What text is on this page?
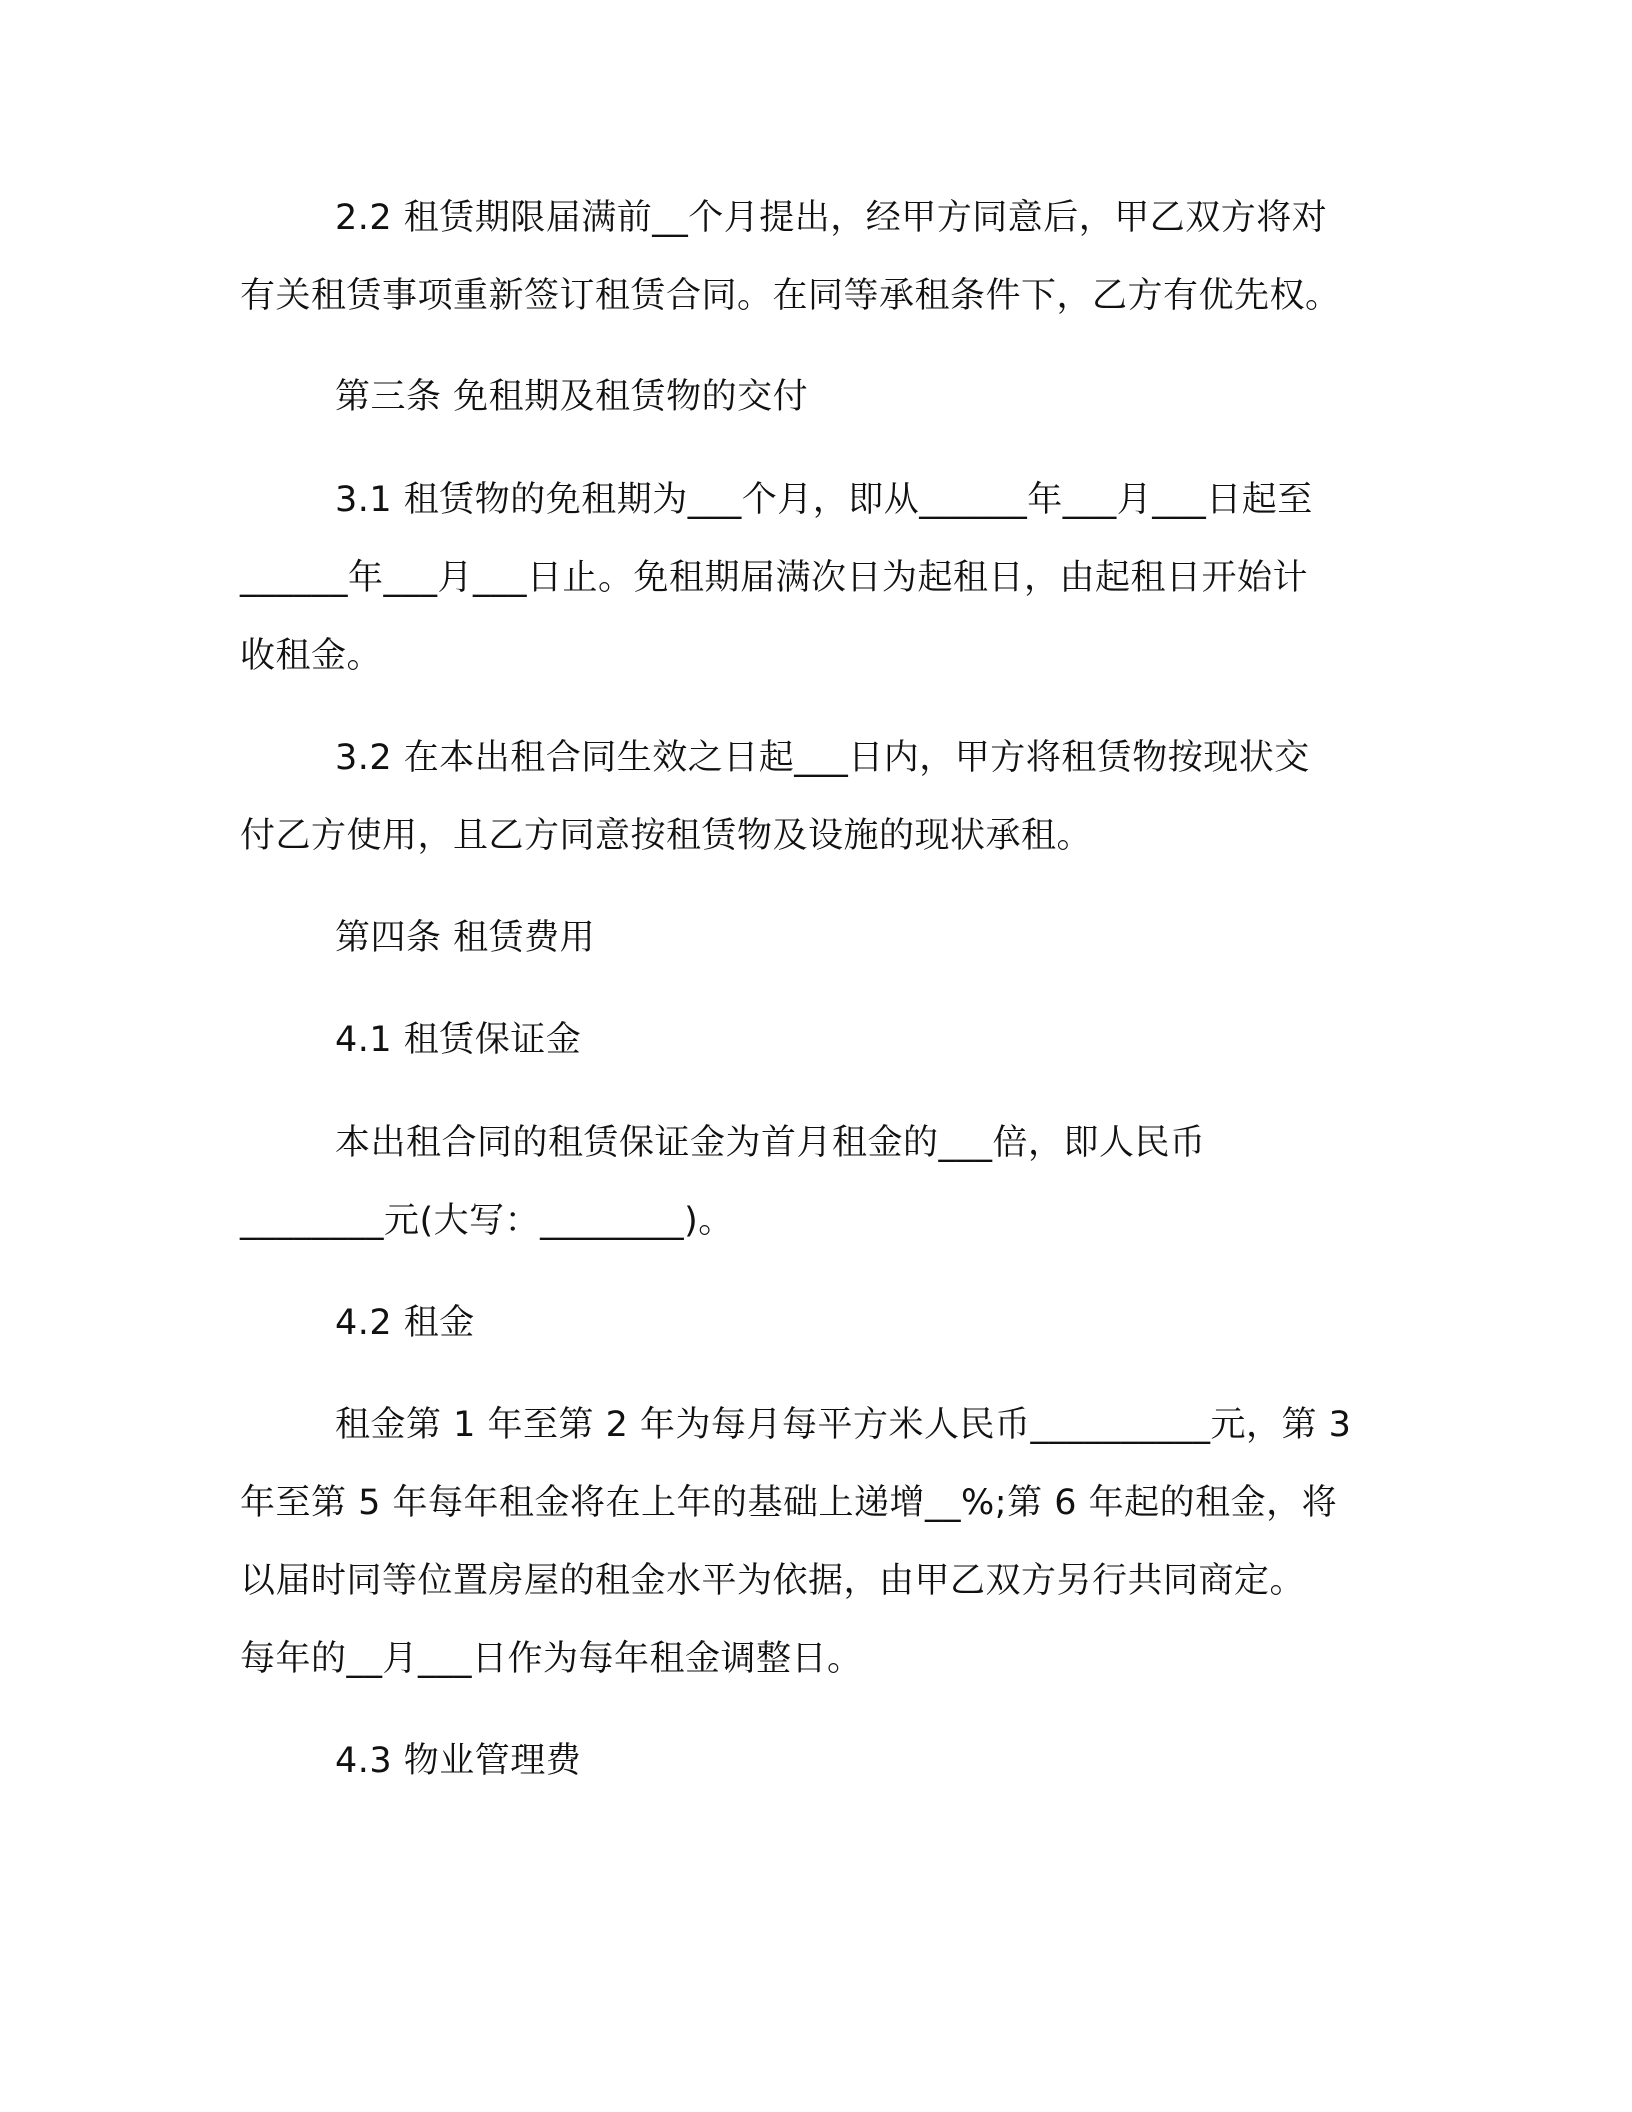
2.2 租赁期限届满前__个月提出，经甲方同意后，甲乙双方将对
有关租赁事项重新签订租赁合同。在同等承租条件下，乙方有优先权。
第三条 免租期及租赁物的交付
3.1 租赁物的免租期为___个月，即从______年___月___日起至
______年___月___日止。免租期届满次日为起租日，由起租日开始计
收租金。
3.2 在本出租合同生效之日起___日内，甲方将租赁物按现状交
付乙方使用，且乙方同意按租赁物及设施的现状承租。
第四条 租赁费用
4.1 租赁保证金
本出租合同的租赁保证金为首月租金的___倍，即人民币
________元(大写：________)。
4.2 租金
租金第 1 年至第 2 年为每月每平方米人民币__________元，第 3
年至第 5 年每年租金将在上年的基础上递增__%;第 6 年起的租金，将
以届时同等位置房屋的租金水平为依据，由甲乙双方另行共同商定。
每年的__月___日作为每年租金调整日。
4.3 物业管理费
